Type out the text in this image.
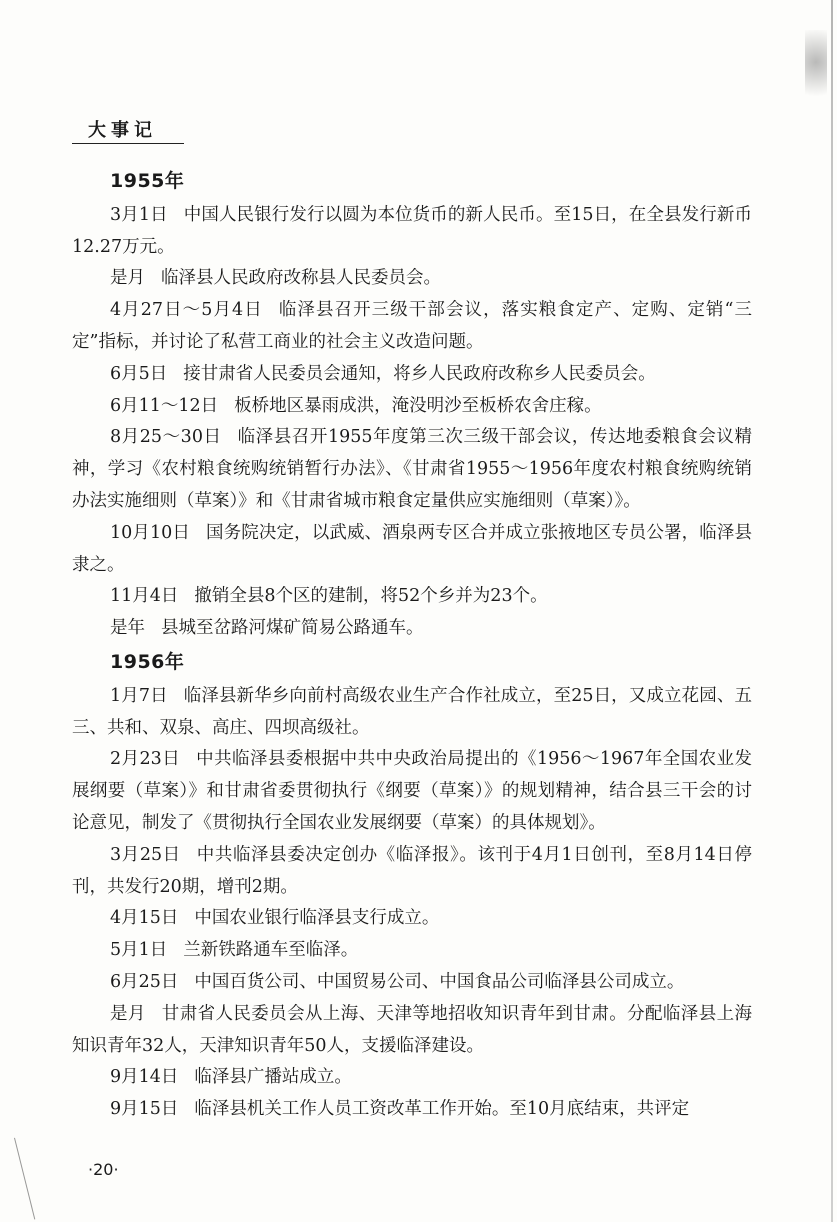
大事记
1955年

3月1日 中国人民银行发行以圆为本位货币的新人民币。至15日，在全县发行新币12.27万元。

是月 临泽县人民政府改称县人民委员会。

4月27日～5月4日 临泽县召开三级干部会议，落实粮食定产、定购、定销“三定”指标，并讨论了私营工商业的社会主义改造问题。

6月5日 接甘肃省人民委员会通知，将乡人民政府改称乡人民委员会。

6月11～12日 板桥地区暴雨成洪，淹没明沙至板桥农舍庄稼。

8月25～30日 临泽县召开1955年度第三次三级干部会议，传达地委粮食会议精神，学习《农村粮食统购统销暂行办法》、《甘肃省1955～1956年度农村粮食统购统销办法实施细则（草案）》和《甘肃省城市粮食定量供应实施细则（草案）》。

10月10日 国务院决定，以武威、酒泉两专区合并成立张掖地区专员公署，临泽县隶之。

11月4日 撤销全县8个区的建制，将52个乡并为23个。

是年 县城至岔路河煤矿简易公路通车。

1956年

1月7日 临泽县新华乡向前村高级农业生产合作社成立，至25日，又成立花园、五三、共和、双泉、高庄、四坝高级社。

2月23日 中共临泽县委根据中共中央政治局提出的《1956～1967年全国农业发展纲要（草案）》和甘肃省委贯彻执行《纲要（草案）》的规划精神，结合县三干会的讨论意见，制发了《贯彻执行全国农业发展纲要（草案）的具体规划》。

3月25日 中共临泽县委决定创办《临泽报》。该刊于4月1日创刊，至8月14日停刊，共发行20期，增刊2期。

4月15日 中国农业银行临泽县支行成立。

5月1日 兰新铁路通车至临泽。

6月25日 中国百货公司、中国贸易公司、中国食品公司临泽县公司成立。

是月 甘肃省人民委员会从上海、天津等地招收知识青年到甘肃。分配临泽县上海知识青年32人，天津知识青年50人，支援临泽建设。

9月14日 临泽县广播站成立。

9月15日 临泽县机关工作人员工资改革工作开始。至10月底结束，共评定

·20·
